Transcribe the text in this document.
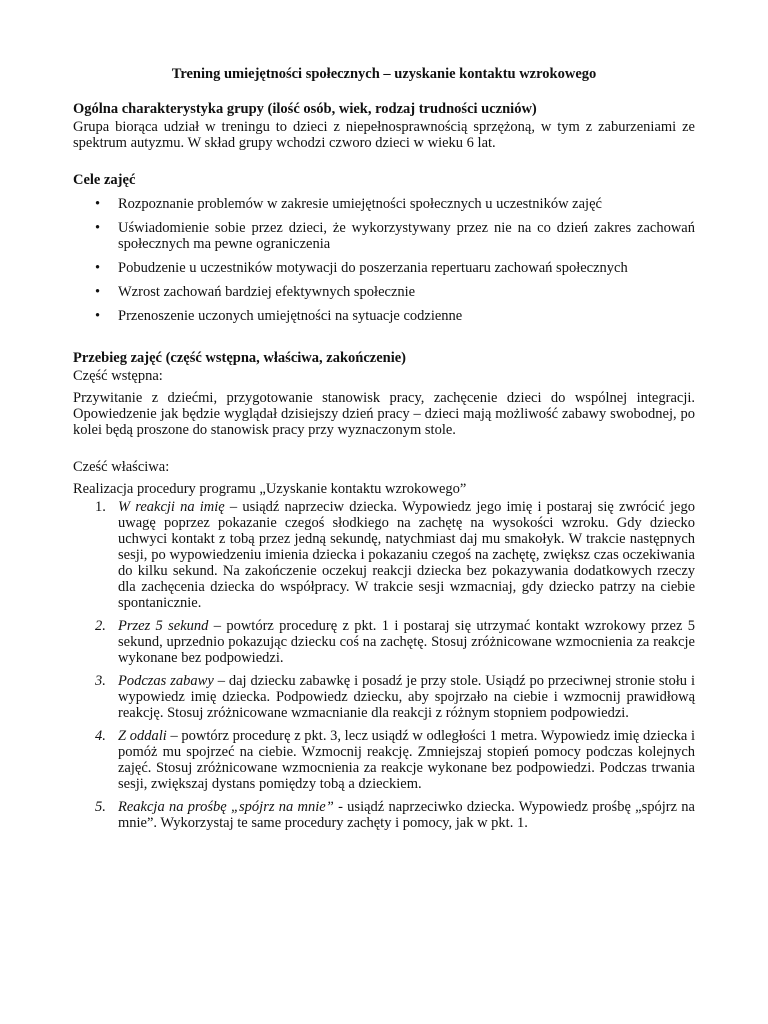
Trening umiejętności społecznych – uzyskanie kontaktu wzrokowego
Ogólna charakterystyka grupy (ilość osób, wiek, rodzaj trudności uczniów)

Grupa biorąca udział w treningu to dzieci z niepełnosprawnością sprzężoną, w tym z zaburzeniami ze spektrum autyzmu. W skład grupy wchodzi czworo dzieci w wieku 6 lat.

Cele zajęć
• Rozpoznanie problemów w zakresie umiejętności społecznych u uczestników zajęć
• Uświadomienie sobie przez dzieci, że wykorzystywany przez nie na co dzień zakres zachowań społecznych ma pewne ograniczenia
• Pobudzenie u uczestników motywacji do poszerzania repertuaru zachowań społecznych
• Wzrost zachowań bardziej efektywnych społecznie
• Przenoszenie uczonych umiejętności na sytuacje codzienne
Przebieg zajęć (część wstępna, właściwa, zakończenie)

Część wstępna:

Przywitanie z dziećmi, przygotowanie stanowisk pracy, zachęcenie dzieci do wspólnej integracji. Opowiedzenie jak będzie wyglądał dzisiejszy dzień pracy – dzieci mają możliwość zabawy swobodnej, po kolei będą proszone do stanowisk pracy przy wyznaczonym stole.

Cześć właściwa:

Realizacja procedury programu „Uzyskanie kontaktu wzrokowego”

1. W reakcji na imię – usiądź naprzeciw dziecka. Wypowiedz jego imię i postaraj się zwrócić jego uwagę poprzez pokazanie czegoś słodkiego na zachętę na wysokości wzroku. Gdy dziecko uchwyci kontakt z tobą przez jedną sekundę, natychmiast daj mu smakołyk. W trakcie następnych sesji, po wypowiedzeniu imienia dziecka i pokazaniu czegoś na zachętę, zwiększ czas oczekiwania do kilku sekund. Na zakończenie oczekuj reakcji dziecka bez pokazywania dodatkowych rzeczy dla zachęcenia dziecka do współpracy. W trakcie sesji wzmacniaj, gdy dziecko patrzy na ciebie spontanicznie.
2. Przez 5 sekund – powtórz procedurę z pkt. 1 i postaraj się utrzymać kontakt wzrokowy przez 5 sekund, uprzednio pokazując dziecku coś na zachętę. Stosuj zróżnicowane wzmocnienia za reakcje wykonane bez podpowiedzi.
3. Podczas zabawy – daj dziecku zabawkę i posadź je przy stole. Usiądź po przeciwnej stronie stołu i wypowiedz imię dziecka. Podpowiedz dziecku, aby spojrzało na ciebie i wzmocnij prawidłową reakcję. Stosuj zróżnicowane wzmacnianie dla reakcji z różnym stopniem podpowiedzi.
4. Z oddali – powtórz procedurę z pkt. 3, lecz usiądź w odległości 1 metra. Wypowiedz imię dziecka i pomóż mu spojrzeć na ciebie. Wzmocnij reakcję. Zmniejszaj stopień pomocy podczas kolejnych zajęć. Stosuj zróżnicowane wzmocnienia za reakcje wykonane bez podpowiedzi. Podczas trwania sesji, zwiększaj dystans pomiędzy tobą a dzieckiem.
5. Reakcja na prośbę „spójrz na mnie” - usiądź naprzeciwko dziecka. Wypowiedz prośbę „spójrz na mnie”. Wykorzystaj te same procedury zachęty i pomocy, jak w pkt. 1.
